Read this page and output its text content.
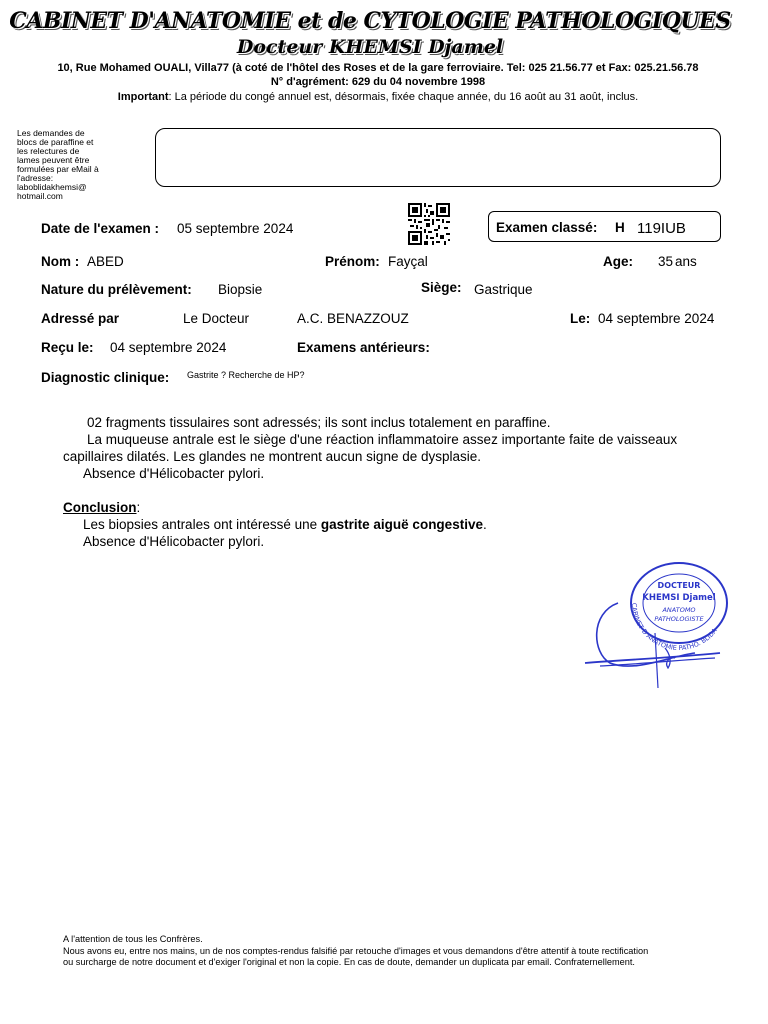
CABINET D'ANATOMIE et de CYTOLOGIE PATHOLOGIQUES
Docteur KHEMSI Djamel
10, Rue Mohamed OUALI, Villa77 (à coté de l'hôtel des Roses et de la gare ferroviaire. Tel: 025 21.56.77 et Fax: 025.21.56.78
N° d'agrément: 629 du 04 novembre 1998
Important: La période du congé annuel est, désormais, fixée chaque année, du 16 août au 31 août, inclus.
Les demandes de blocs de paraffine et les relectures de lames peuvent être formulées par eMail à l'adresse: laboblidakhemsi@ hotmail.com
Date de l'examen : 05 septembre 2024	Examen classé: H 119IUB
Nom : ABED	Prénom: Fayçal	Age: 35 ans
Nature du prélèvement: Biopsie	Siège: Gastrique
Adressé par	Le Docteur	A.C. BENAZZOUZ	Le: 04 septembre 2024
Reçu le: 04 septembre 2024	Examens antérieurs:
Diagnostic clinique: Gastrite ? Recherche de HP?
02 fragments tissulaires sont adressés; ils sont inclus totalement en paraffine.
La muqueuse antrale est le siège d'une réaction inflammatoire assez importante faite de vaisseaux
capillaires dilatés. Les glandes ne montrent aucun signe de dysplasie.
Absence d'Hélicobacter pylori.
Conclusion:
Les biopsies antrales ont intéressé une gastrite aiguë congestive.
Absence d'Hélicobacter pylori.
CABINET D'ANATOMIE PATHO. BLIDA
DOCTEUR
KHEMSI Djamel
ANATOMO
PATHOLOGISTE
A l'attention de tous les Confrères.
Nous avons eu, entre nos mains, un de nos comptes-rendus falsifié par retouche d'images et vous demandons d'être attentif à toute rectification
ou surcharge de notre document et d'exiger l'original et non la copie. En cas de doute, demander un duplicata par email. Confraternellement.
